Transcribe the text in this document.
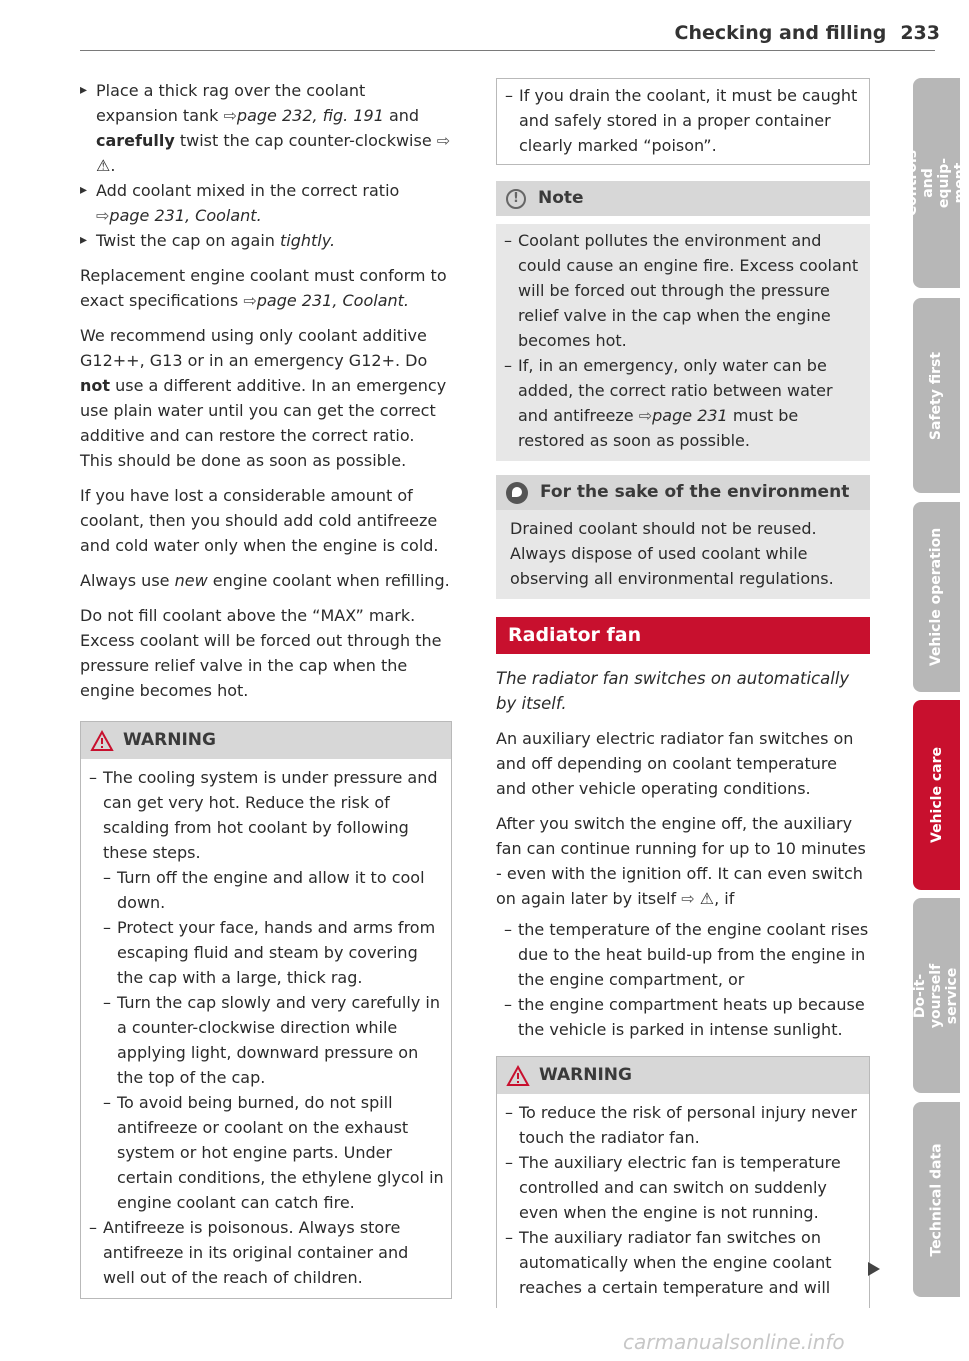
Checking and filling 233
▸ Place a thick rag over the coolant expansion tank ⇨page 232, fig. 191 and carefully twist the cap counter-clockwise ⇨ ⚠.
▸ Add coolant mixed in the correct ratio
⇨page 231, Coolant.
▸ Twist the cap on again tightly.
Replacement engine coolant must conform to exact specifications ⇨page 231, Coolant.
We recommend using only coolant additive G12++, G13 or in an emergency G12+. Do not use a different additive. In an emergency use plain water until you can get the correct additive and can restore the correct ratio. This should be done as soon as possible.
If you have lost a considerable amount of coolant, then you should add cold antifreeze and cold water only when the engine is cold.
Always use new engine coolant when refilling.
Do not fill coolant above the “MAX” mark. Excess coolant will be forced out through the pressure relief valve in the cap when the engine becomes hot.
WARNING
– The cooling system is under pressure and can get very hot. Reduce the risk of scalding from hot coolant by following these steps.
– Turn off the engine and allow it to cool down.
– Protect your face, hands and arms from escaping fluid and steam by covering the cap with a large, thick rag.
– Turn the cap slowly and very carefully in a counter-clockwise direction while applying light, downward pressure on the top of the cap.
– To avoid being burned, do not spill antifreeze or coolant on the exhaust system or hot engine parts. Under certain conditions, the ethylene glycol in engine coolant can catch fire.
– Antifreeze is poisonous. Always store antifreeze in its original container and well out of the reach of children.
– If you drain the coolant, it must be caught and safely stored in a proper container clearly marked “poison”.
!	Note
– Coolant pollutes the environment and could cause an engine fire. Excess coolant will be forced out through the pressure relief valve in the cap when the engine becomes hot.
– If, in an emergency, only water can be added, the correct ratio between water and antifreeze ⇨page 231 must be restored as soon as possible.
For the sake of the environment
Drained coolant should not be reused. Always dispose of used coolant while observing all environmental regulations.
Radiator fan
The radiator fan switches on automatically by itself.
An auxiliary electric radiator fan switches on and off depending on coolant temperature and other vehicle operating conditions.
After you switch the engine off, the auxiliary fan can continue running for up to 10 minutes - even with the ignition off. It can even switch on again later by itself ⇨ ⚠, if
– the temperature of the engine coolant rises due to the heat build-up from the engine in the engine compartment, or
– the engine compartment heats up because the vehicle is parked in intense sunlight.
WARNING
– To reduce the risk of personal injury never touch the radiator fan.
– The auxiliary electric fan is temperature controlled and can switch on suddenly even when the engine is not running.
– The auxiliary radiator fan switches on automatically when the engine coolant reaches a certain temperature and will
Controls and equip- ment
Safety first
Vehicle operation
Vehicle care
Do-it-yourself service
Technical data
carmanualsonline.info
